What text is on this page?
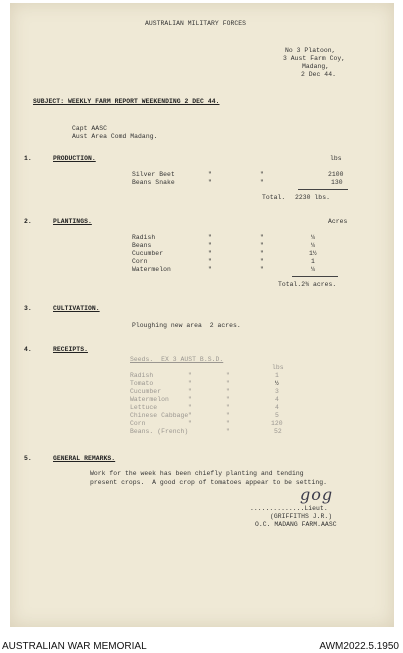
AUSTRALIAN MILITARY FORCES
No 3 Platoon,
3 Aust Farm Coy,
Madang,
2 Dec 44.
SUBJECT: WEEKLY FARM REPORT WEEKENDING 2 DEC 44.
Capt AASC
Aust Area Comd Madang.
1.	PRODUCTION.	lbs
Silver Beet	"	"	2100
Beans Snake	"	"	130
Total. 2230 lbs.
2.	PLANTINGS.	Acres
Radish	"	"	¼
Beans	"	"	¼
Cucumber	"	"	1½
Corn	"	"	1
Watermelon	"	"	¼
Total.2¾ acres.
3.	CULTIVATION.
Ploughing new area  2 acres.
4.	RECEIPTS.
Seeds.  EX 3 AUST B.S.D.
lbs
Radish	"	"	1
Tomato	"	"	½
Cucumber	"	"	3
Watermelon	"	"	4
Lettuce	"	"	4
Chinese Cabbage "	"	5
Corn	"	"	120
Beans. (French)	"	52
5.	GENERAL REMARKS.
Work for the week has been chiefly planting and tending
present crops.  A good crop of tomatoes appear to be setting.
gog
..............Lieut.
(GRIFFITHS J.R.)
O.C. MADANG FARM.AASC
AUSTRALIAN WAR MEMORIAL	AWM2022.5.1950
